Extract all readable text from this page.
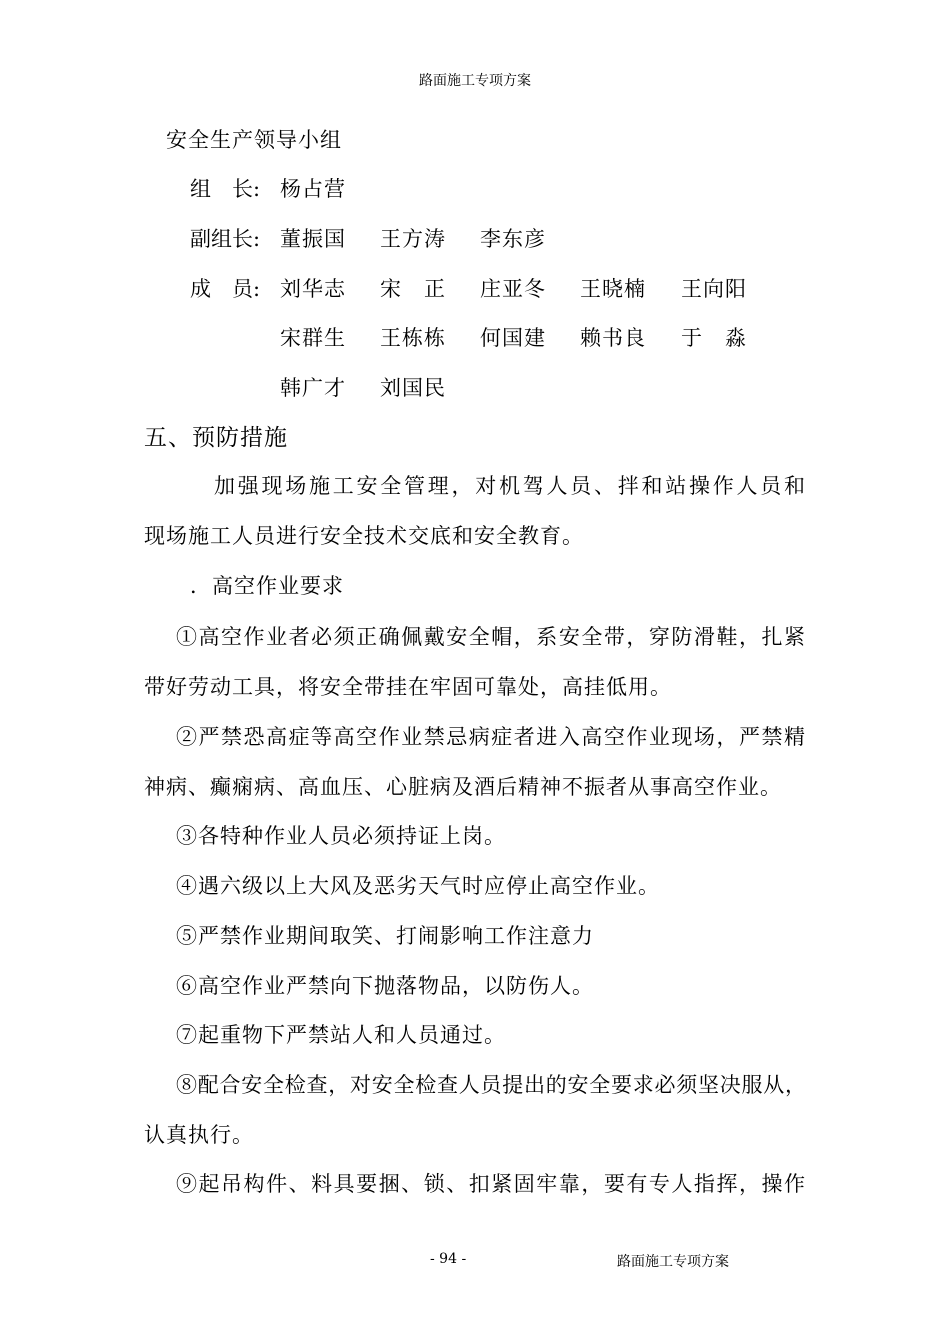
路面施工专项方案
安全生产领导小组
组　长: 杨占营
副组长: 董振国 王方涛 李东彦
成　员: 刘华志 宋　正 庄亚冬 王晓楠 王向阳
宋群生 王栋栋 何国建 赖书良 于　淼
韩广才 刘国民
五、预防措施
加强现场施工安全管理，对机驾人员、拌和站操作人员和
现场施工人员进行安全技术交底和安全教育。
．高空作业要求
①高空作业者必须正确佩戴安全帽，系安全带，穿防滑鞋，扎紧
带好劳动工具，将安全带挂在牢固可靠处，高挂低用。
②严禁恐高症等高空作业禁忌病症者进入高空作业现场，严禁精
神病、癫痫病、高血压、心脏病及酒后精神不振者从事高空作业。
③各特种作业人员必须持证上岗。
④遇六级以上大风及恶劣天气时应停止高空作业。
⑤严禁作业期间取笑、打闹影响工作注意力
⑥高空作业严禁向下抛落物品，以防伤人。
⑦起重物下严禁站人和人员通过。
⑧配合安全检查，对安全检查人员提出的安全要求必须坚决服从，
认真执行。
⑨起吊构件、料具要捆、锁、扣紧固牢靠，要有专人指挥，操作
- 94 -	路面施工专项方案
